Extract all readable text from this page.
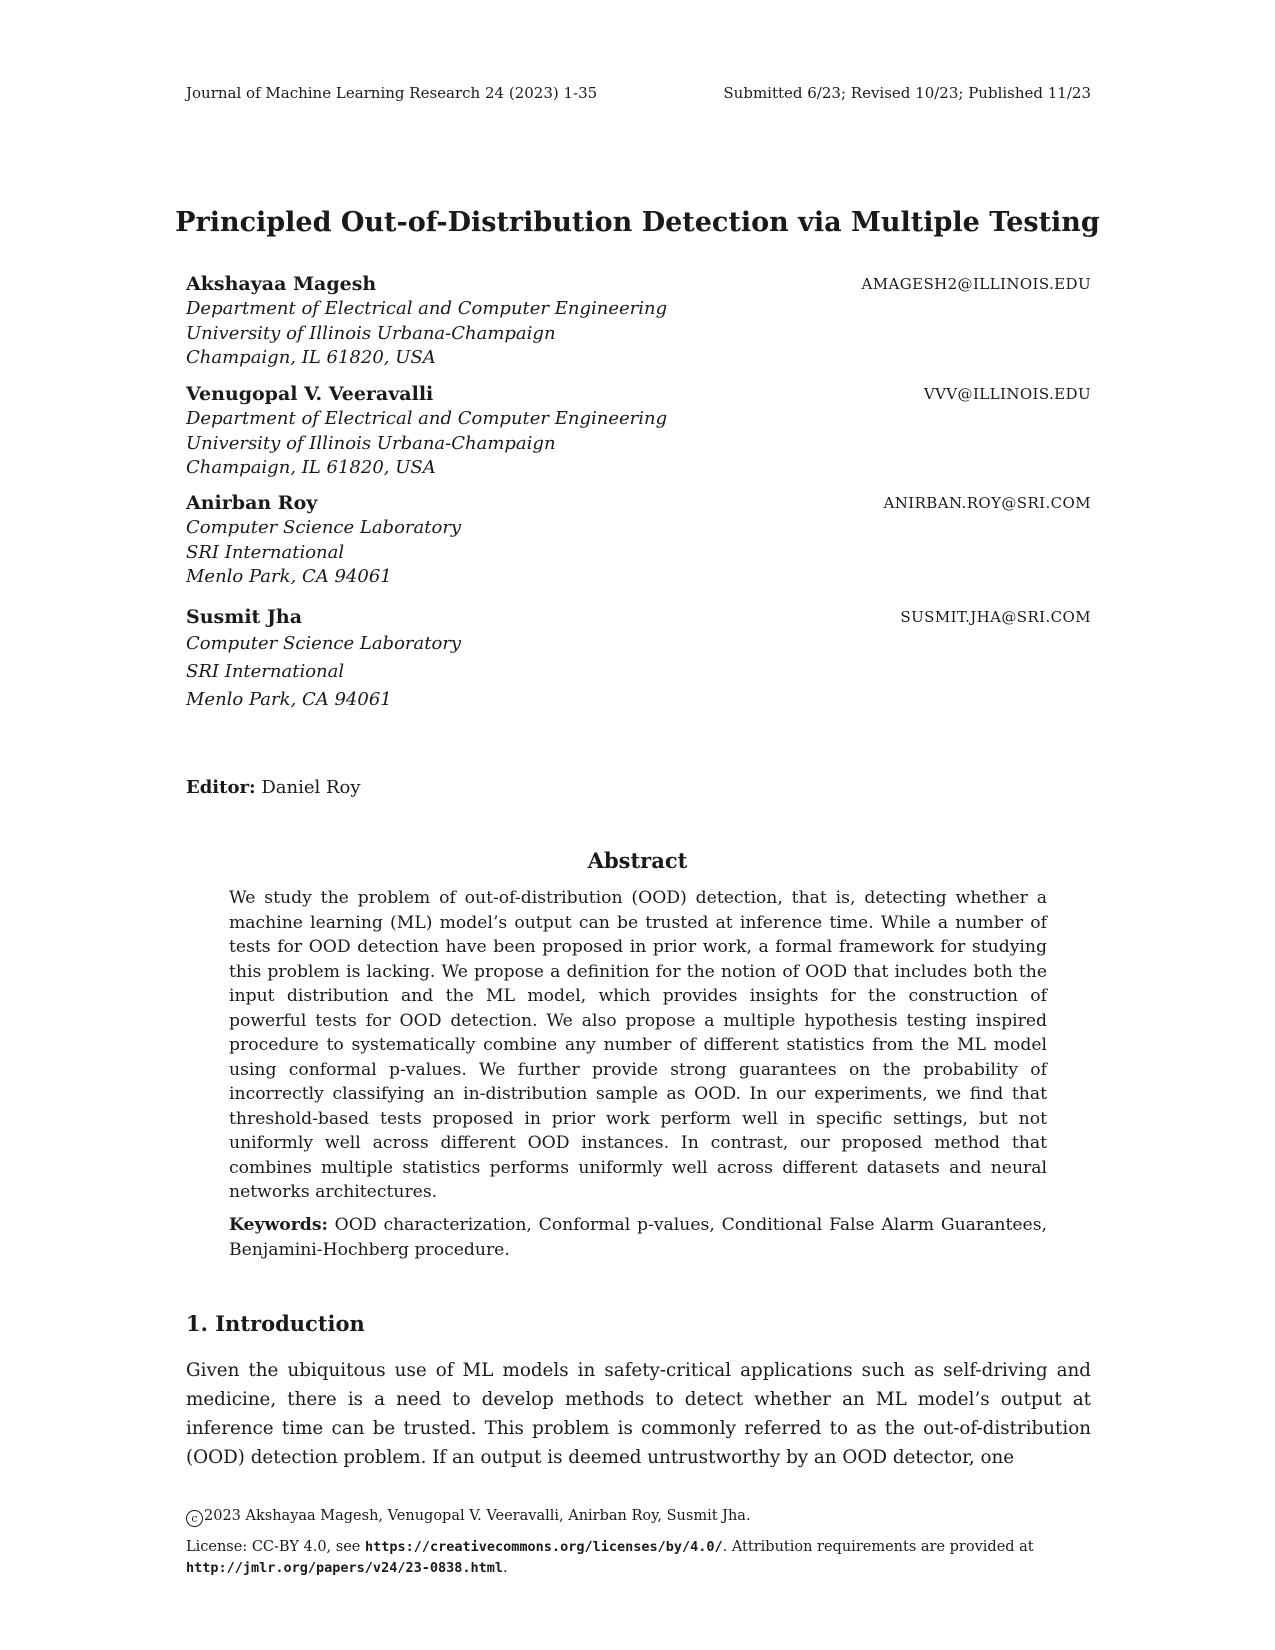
Journal of Machine Learning Research 24 (2023) 1-35	Submitted 6/23; Revised 10/23; Published 11/23
Principled Out-of-Distribution Detection via Multiple Testing
Akshayaa Magesh	AMAGESH2@ILLINOIS.EDU
Department of Electrical and Computer Engineering
University of Illinois Urbana-Champaign
Champaign, IL 61820, USA
Venugopal V. Veeravalli	VVV@ILLINOIS.EDU
Department of Electrical and Computer Engineering
University of Illinois Urbana-Champaign
Champaign, IL 61820, USA
Anirban Roy	ANIRBAN.ROY@SRI.COM
Computer Science Laboratory
SRI International
Menlo Park, CA 94061
Susmit Jha	SUSMIT.JHA@SRI.COM
Computer Science Laboratory
SRI International
Menlo Park, CA 94061
Editor: Daniel Roy
Abstract
We study the problem of out-of-distribution (OOD) detection, that is, detecting whether a machine learning (ML) model’s output can be trusted at inference time. While a number of tests for OOD detection have been proposed in prior work, a formal framework for studying this problem is lacking. We propose a definition for the notion of OOD that includes both the input distribution and the ML model, which provides insights for the construction of powerful tests for OOD detection. We also propose a multiple hypothesis testing inspired procedure to systematically combine any number of different statistics from the ML model using conformal p-values. We further provide strong guarantees on the probability of incorrectly classifying an in-distribution sample as OOD. In our experiments, we find that threshold-based tests proposed in prior work perform well in specific settings, but not uniformly well across different OOD instances. In contrast, our proposed method that combines multiple statistics performs uniformly well across different datasets and neural networks architectures.
Keywords: OOD characterization, Conformal p-values, Conditional False Alarm Guarantees, Benjamini-Hochberg procedure.
1. Introduction
Given the ubiquitous use of ML models in safety-critical applications such as self-driving and medicine, there is a need to develop methods to detect whether an ML model’s output at inference time can be trusted. This problem is commonly referred to as the out-of-distribution (OOD) detection problem. If an output is deemed untrustworthy by an OOD detector, one
c 2023 Akshayaa Magesh, Venugopal V. Veeravalli, Anirban Roy, Susmit Jha.
License: CC-BY 4.0, see https://creativecommons.org/licenses/by/4.0/. Attribution requirements are provided at http://jmlr.org/papers/v24/23-0838.html.
